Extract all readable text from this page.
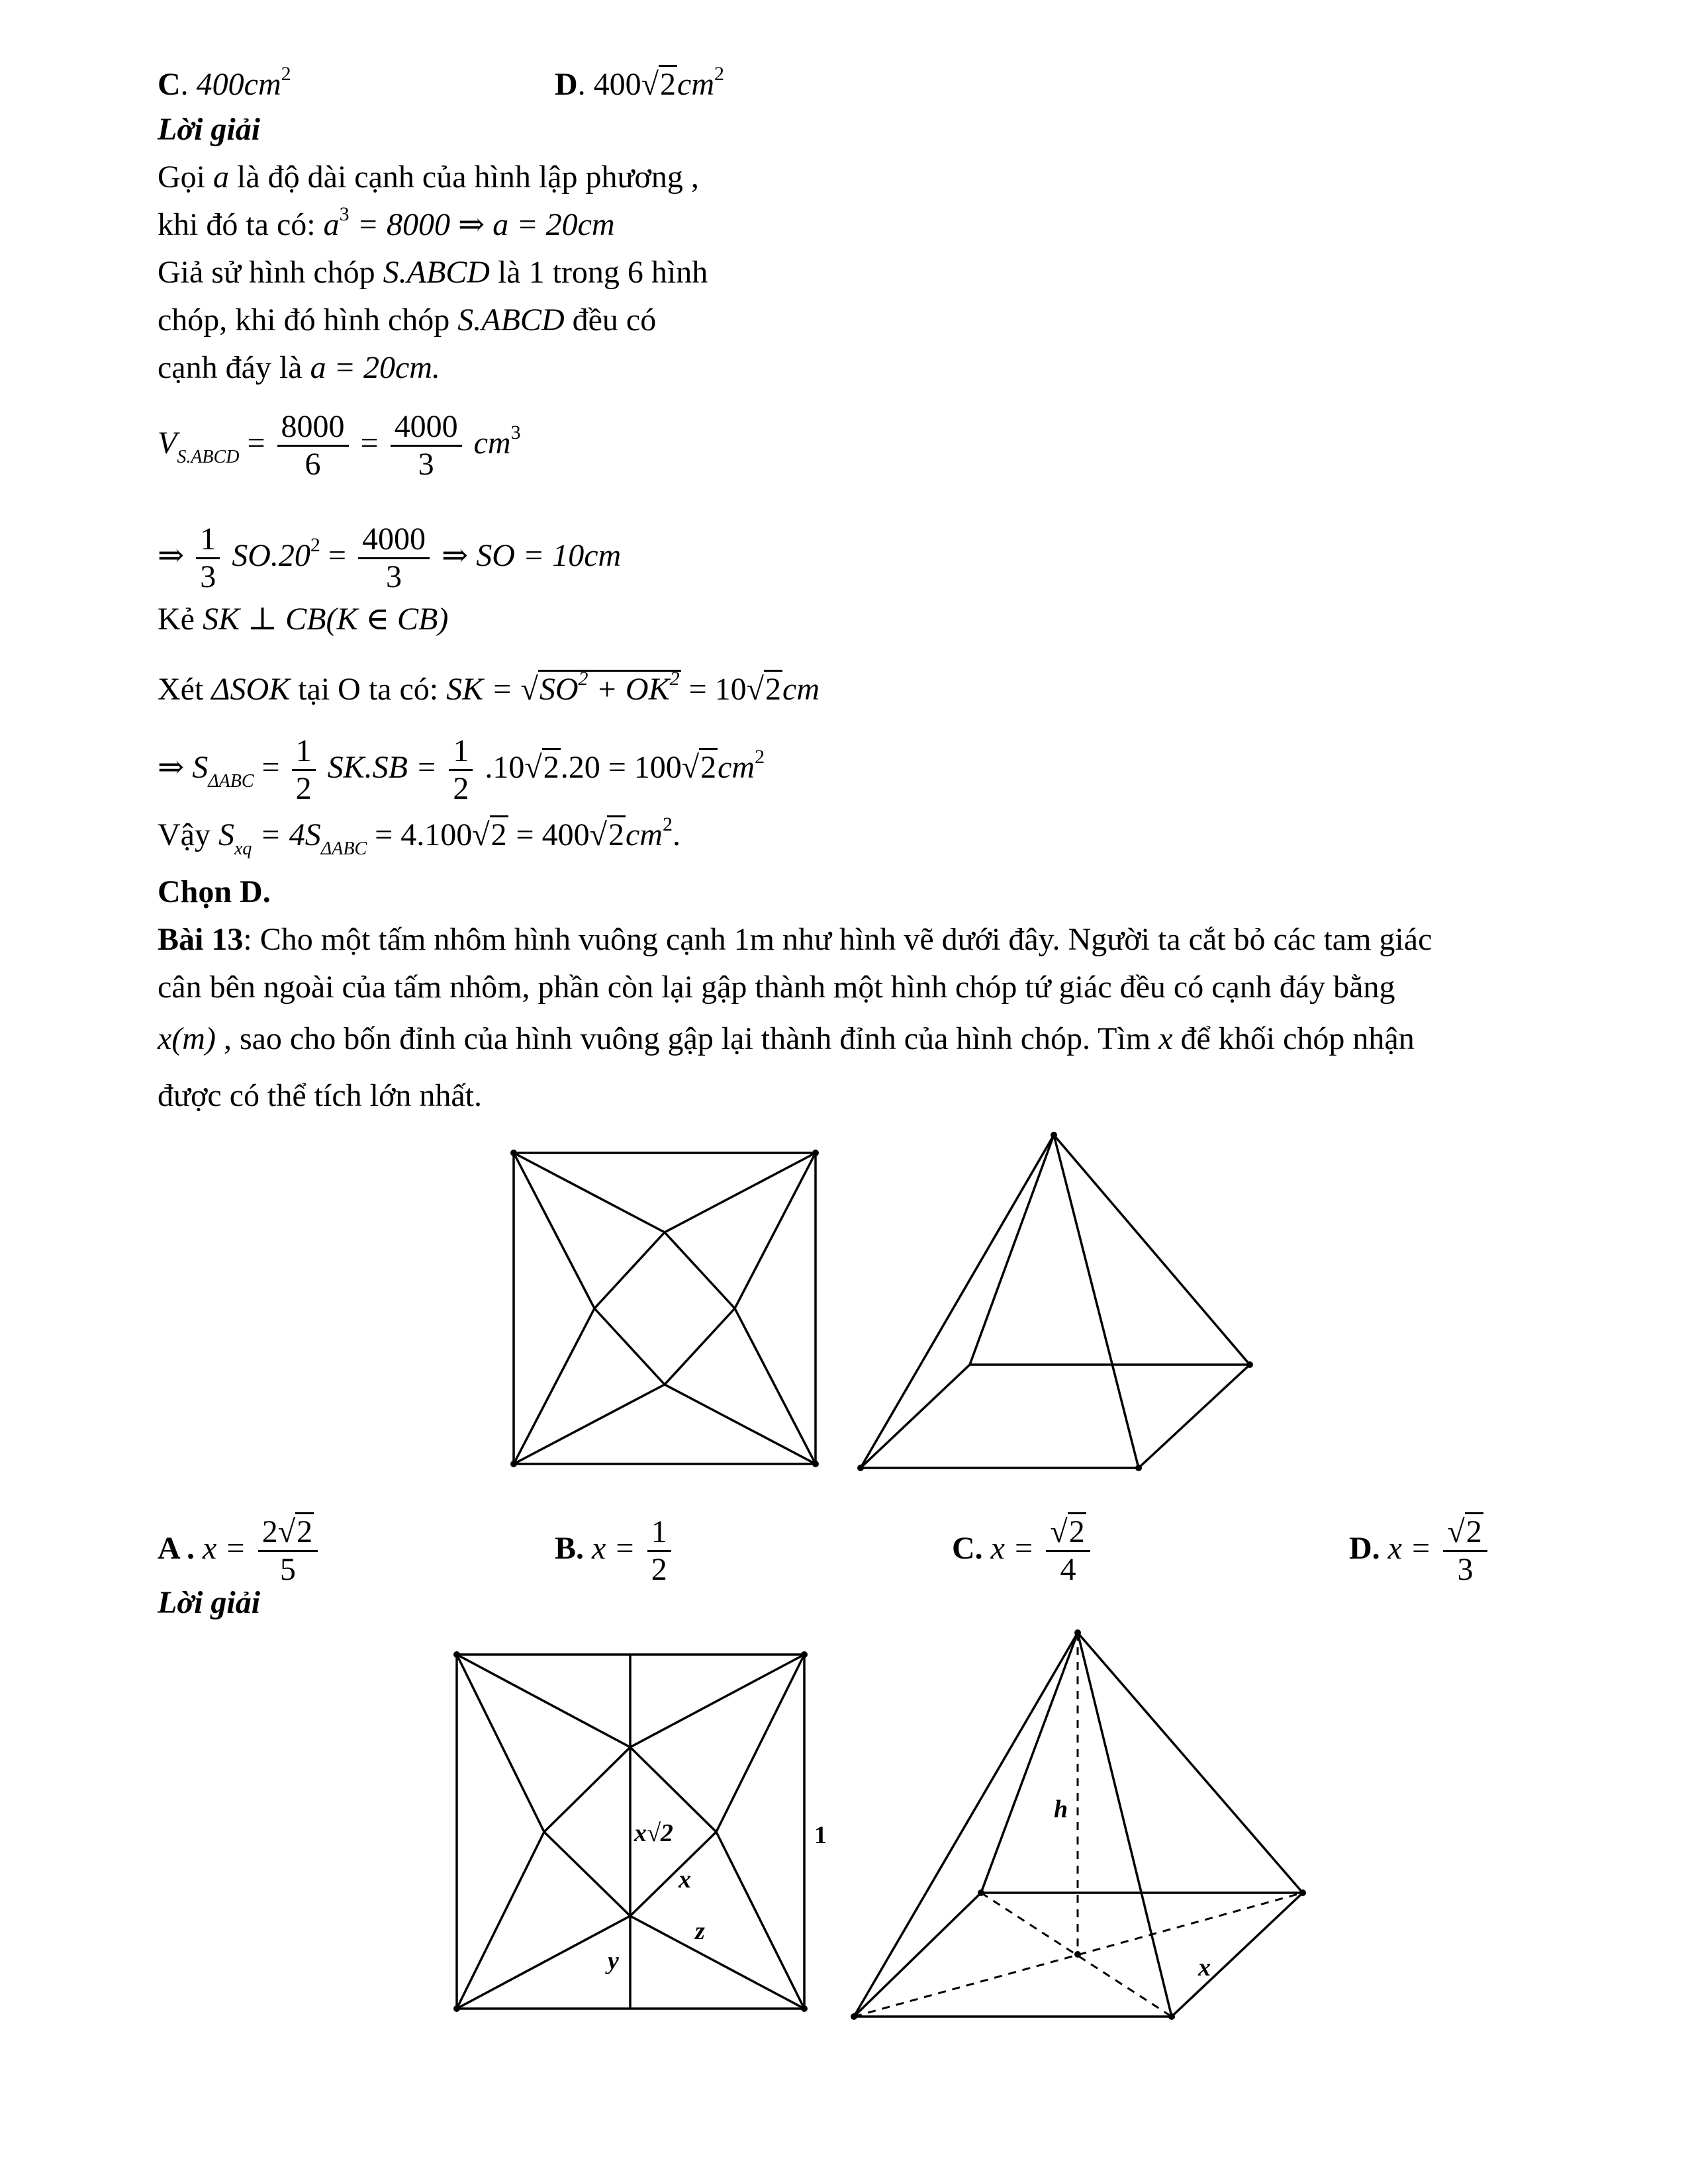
C. $400cm^2$	D. 400 √ $2cm^2$
Lời giải
Gọi a là độ dài cạnh của hình lập phương ,
khi đó ta có: $a^3 = 8000$ ⇒ a = 20cm
Giả sử hình chóp S.ABCD là 1 trong 6 hình
chóp, khi đó hình chóp S.ABCD đều có
cạnh đáy là a = 20cm.
$V_{S.ABCD} = \frac{8000}{6} = \frac{4000}{3} cm^3$
⇒ $\frac{1}{3} SO.20^2 = \frac{4000}{3}$ ⇒ SO = 10cm
Kẻ SK ⊥ CB(K ∈ CB)
Xét ΔSOK tại O ta có: SK = √ $SO^2 + OK^2 = 10$ √ 2cm
⇒ $S_{\Delta ABC} = \frac{1}{2} SK.SB = \frac{1}{2} .10$ √ 2.20 = 100 √ $2cm^2$
Vậy $S_{xq} = 4S_{\Delta ABC} = 4.100$ √ 2 = 400 √ $2cm^2$.
Chọn D.
Bài 13: Cho một tấm nhôm hình vuông cạnh 1m như hình vẽ dưới đây. Người ta cắt bỏ các tam giác
cân bên ngoài của tấm nhôm, phần còn lại gập thành một hình chóp tứ giác đều có cạnh đáy bằng
x(m) , sao cho bốn đỉnh của hình vuông gập lại thành đỉnh của hình chóp. Tìm x để khối chóp nhận
được có thể tích lớn nhất.
A . $x = \frac{2 √ 2}{5}$	B. $x = \frac{1}{2}$	C. x = √ $\frac{2}{4}$	D. x = √ $\frac{2}{3}$
Lời giải
x√2
x
z
y
1
h
x
